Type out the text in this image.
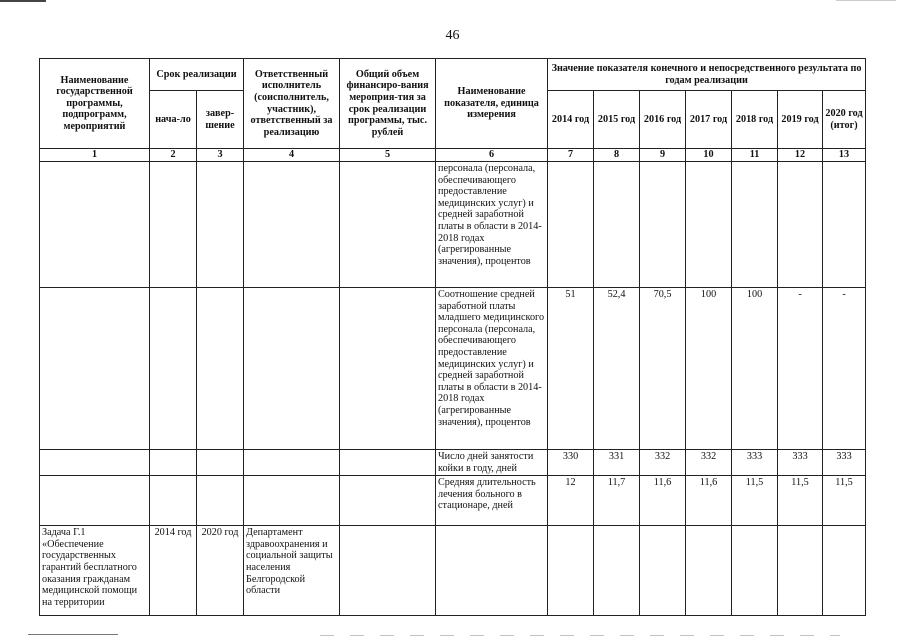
46
Наименование государственной программы, подпрограмм, мероприятий	Срок реализации		Ответственный исполнитель (соисполнитель, участник), ответственный за реализацию	Общий объем финансиро-вания мероприя-тия за срок реализации программы, тыс. рублей	Наименование показателя, единица измерения	Значение показателя конечного и непосредственного результата по годам реализации						
	нача-ло	завер-шение				2014 год	2015 год	2016 год	2017 год	2018 год	2019 год	2020 год (итог)
1	2	3	4	5	6	7	8	9	10	11	12	13
					персонала (персонала, обеспечивающего предоставление медицинских услуг) и средней заработной платы в области в 2014-2018 годах (агрегированные значения), процентов							
					Соотношение средней заработной платы младшего медицинского персонала (персонала, обеспечивающего предоставление медицинских услуг) и средней заработной платы в области в 2014-2018 годах (агрегированные значения), процентов	51	52,4	70,5	100	100	-	-
					Число дней занятости койки в году, дней	330	331	332	332	333	333	333
					Средняя длительность лечения больного в стационаре, дней	12	11,7	11,6	11,6	11,5	11,5	11,5
Задача Г.1 «Обеспечение государственных гарантий бесплатного оказания гражданам медицинской помощи на территории	2014 год	2020 год	Департамент здравоохранения и социальной защиты населения Белгородской области									
